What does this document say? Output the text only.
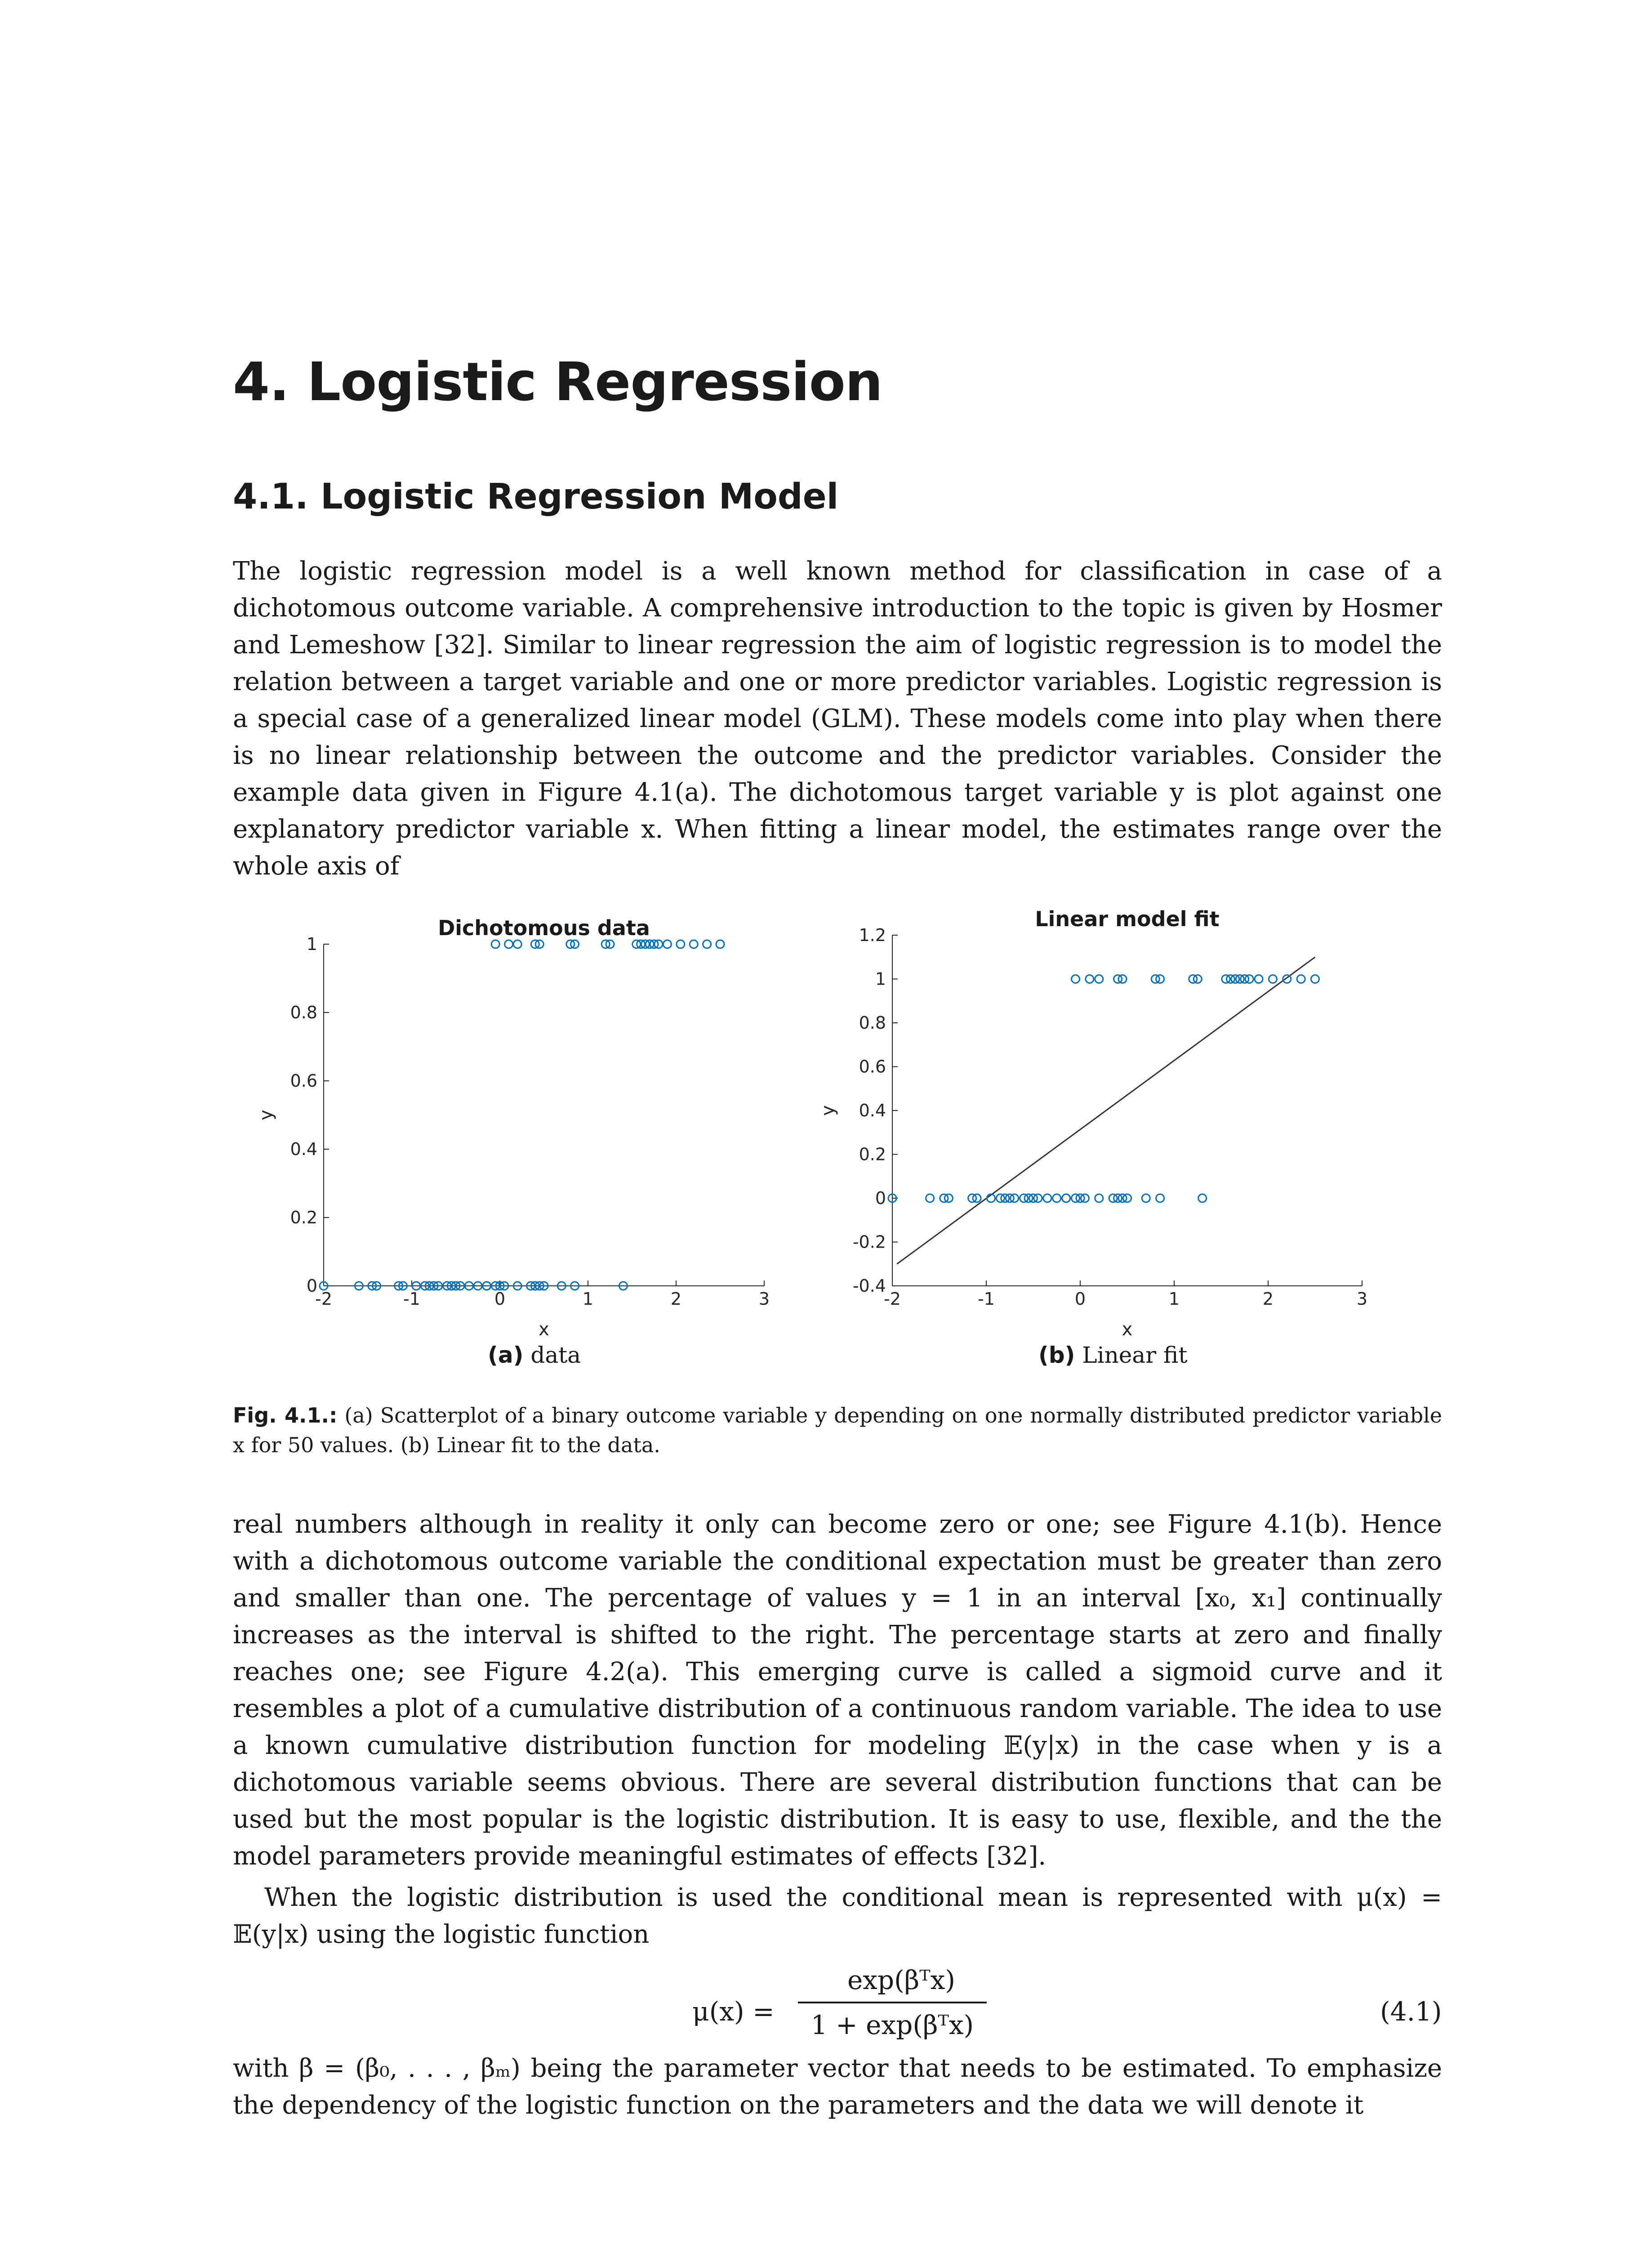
4. Logistic Regression
4.1. Logistic Regression Model
The logistic regression model is a well known method for classification in case of a dichotomous outcome variable. A comprehensive introduction to the topic is given by Hosmer and Lemeshow [32]. Similar to linear regression the aim of logistic regression is to model the relation between a target variable and one or more predictor variables. Logistic regression is a special case of a generalized linear model (GLM). These models come into play when there is no linear relationship between the outcome and the predictor variables. Consider the example data given in Figure 4.1(a). The dichotomous target variable y is plot against one explanatory predictor variable x. When fitting a linear model, the estimates range over the whole axis of
-2	-1	0	1	2	3
0
0.2
0.4
0.6
0.8
1
x
y
Dichotomous data
-2	-1	0	1	2	3
-0.4
-0.2
0
0.2
0.4
0.6
0.8
1
1.2
x
y
Linear model fit
(a) data	(b) Linear fit
Fig. 4.1.: (a) Scatterplot of a binary outcome variable y depending on one normally distributed predictor variable x for 50 values. (b) Linear fit to the data.
real numbers although in reality it only can become zero or one; see Figure 4.1(b). Hence with a dichotomous outcome variable the conditional expectation must be greater than zero and smaller than one. The percentage of values y = 1 in an interval [x₀, x₁] continually increases as the interval is shifted to the right. The percentage starts at zero and finally reaches one; see Figure 4.2(a). This emerging curve is called a sigmoid curve and it resembles a plot of a cumulative distribution of a continuous random variable. The idea to use a known cumulative distribution function for modeling 𝔼(y|x) in the case when y is a dichotomous variable seems obvious. There are several distribution functions that can be used but the most popular is the logistic distribution. It is easy to use, flexible, and the the model parameters provide meaningful estimates of effects [32].
When the logistic distribution is used the conditional mean is represented with μ(x) = 𝔼(y|x) using the logistic function
μ(x) =
exp(βᵀx)
1 + exp(βᵀx)	(4.1)
with β = (β₀, . . . , βₘ) being the parameter vector that needs to be estimated. To emphasize the dependency of the logistic function on the parameters and the data we will denote it
